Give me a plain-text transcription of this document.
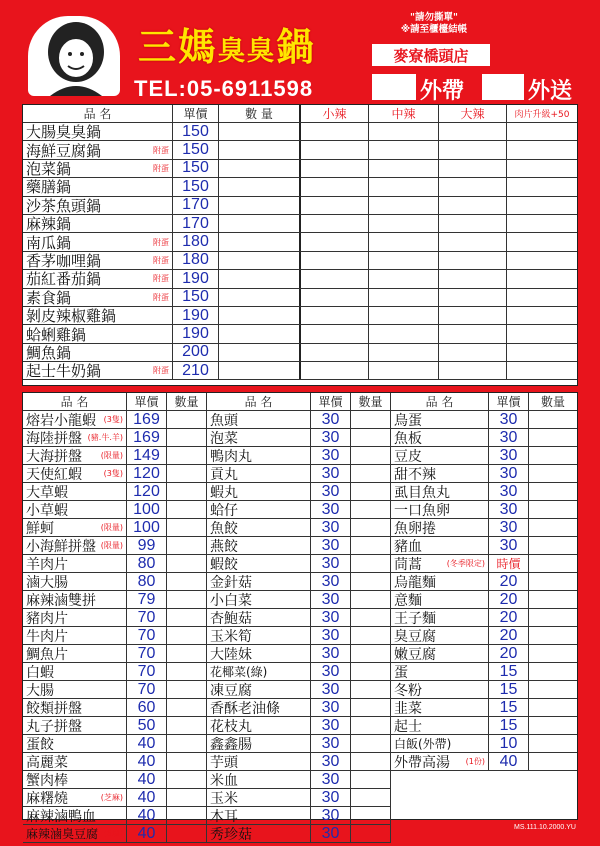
三媽臭臭鍋
"請勿撕單"
※請至櫃檯結帳
麥寮橋頭店
TEL:05-6911598	外帶	外送
品 名	單價	數 量	小辣	中辣	大辣	肉片升級+50
大腸臭臭鍋	150
海鮮豆腐鍋	附蛋 150
泡菜鍋	附蛋 150
藥膳鍋	150
沙茶魚頭鍋	170
麻辣鍋	170
南瓜鍋	附蛋 180
香茅咖哩鍋	附蛋 180
茄紅番茄鍋	附蛋 190
素食鍋	附蛋 150
剝皮辣椒雞鍋	190
蛤蜊雞鍋	190
鯛魚鍋	200
起士牛奶鍋	附蛋 210
品 名	單價	數量
熔岩小龍蝦 (3隻) 169
海陸拼盤 (豬.牛.羊) 169
大海拼盤 (限量) 149
天使紅蝦	(3隻) 120
大草蝦	120
小草蝦	100
鮮蚵	(限量) 100
小海鮮拼盤 (限量) 99
羊肉片	80
滷大腸	80
麻辣滷雙拼	79
豬肉片	70
牛肉片	70
鯛魚片	70
白蝦	70
大腸	70
餃類拼盤	60
丸子拼盤	50
蛋餃	40
高麗菜	40
蟹肉棒	40
麻糬燒	(芝麻) 40
麻辣滷鴨血	40
麻辣滷臭豆腐 (6塊) 40
品 名	單價	數量
魚頭	30
泡菜	30
鴨肉丸	30
貢丸	30
蝦丸	30
蛤仔	30
魚餃	30
燕餃	30
蝦餃	30
金針菇	30
小白菜	30
杏鮑菇	30
玉米筍	30
大陸妹	30
花椰菜(綠)	30
凍豆腐	30
香酥老油條	30
花枝丸	30
鑫鑫腸	30
芋頭	30
米血	30
玉米	30
木耳	30
秀珍菇	30
品 名	單價	數量
鳥蛋	30
魚板	30
豆皮	30
甜不辣	30
虱目魚丸	30
一口魚卵	30
魚卵捲	30
豬血	30
茼蒿	(冬季限定) 時價
烏龍麵	20
意麵	20
王子麵	20
臭豆腐	20
嫩豆腐	20
蛋	15
冬粉	15
韭菜	15
起士	15
白飯(外帶)	10
外帶高湯 (1份) 40
MS.111.10.2000.YU
